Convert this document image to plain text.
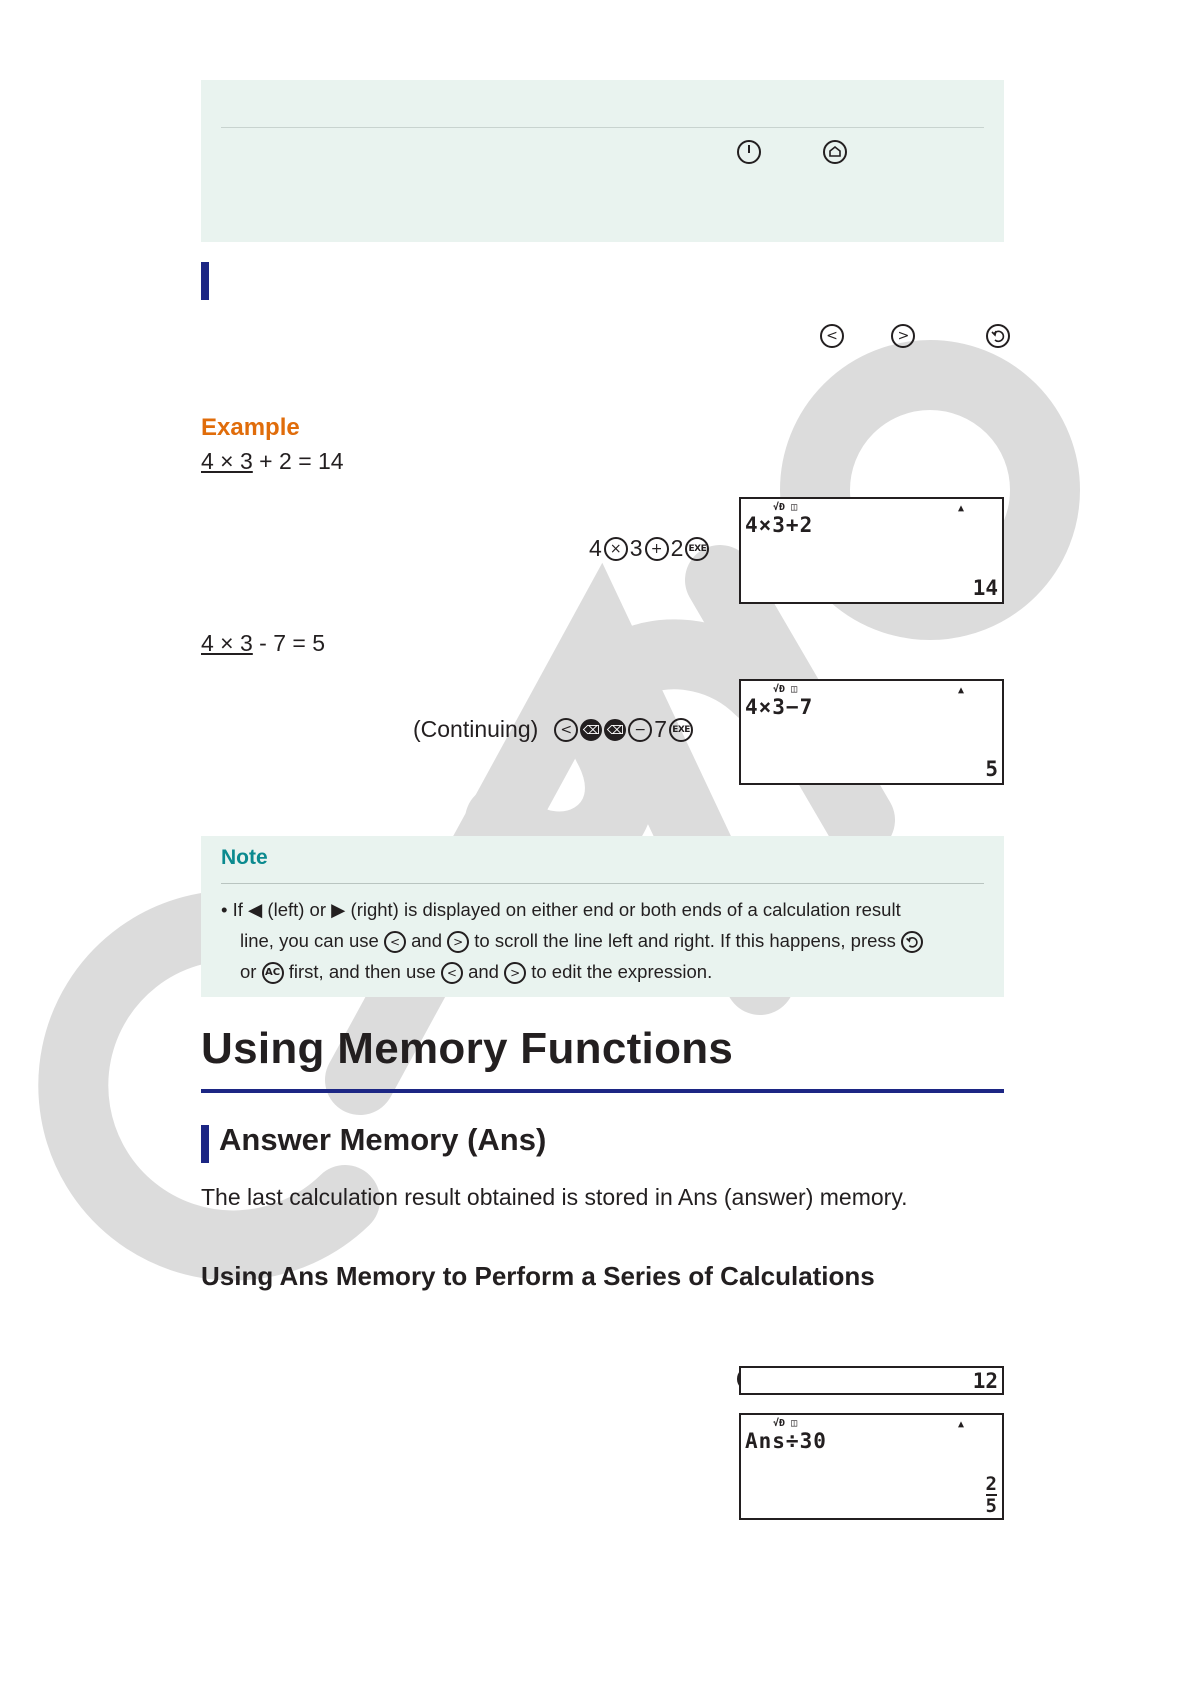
<	>

Example
4 × 3 + 2 = 14
4 × 3 + 2 EXE
√Ð ◫	▲
4×3+2
14
4 × 3 - 7 = 5
(Continuing)	< ⌫ ⌫ − 7 EXE
√Ð ◫	▲
4×3−7
5
Note
• If ◀ (left) or ▶ (right) is displayed on either end or both ends of a calculation result
line, you can use < and > to scroll the line left and right. If this happens, press
or AC first, and then use < and > to edit the expression.
Using Memory Functions
Answer Memory (Ans)
The last calculation result obtained is stored in Ans (answer) memory.
Using Ans Memory to Perform a Series of Calculations

12

√Ð ◫	▲
Ans÷30
$\frac{2}{5}$
